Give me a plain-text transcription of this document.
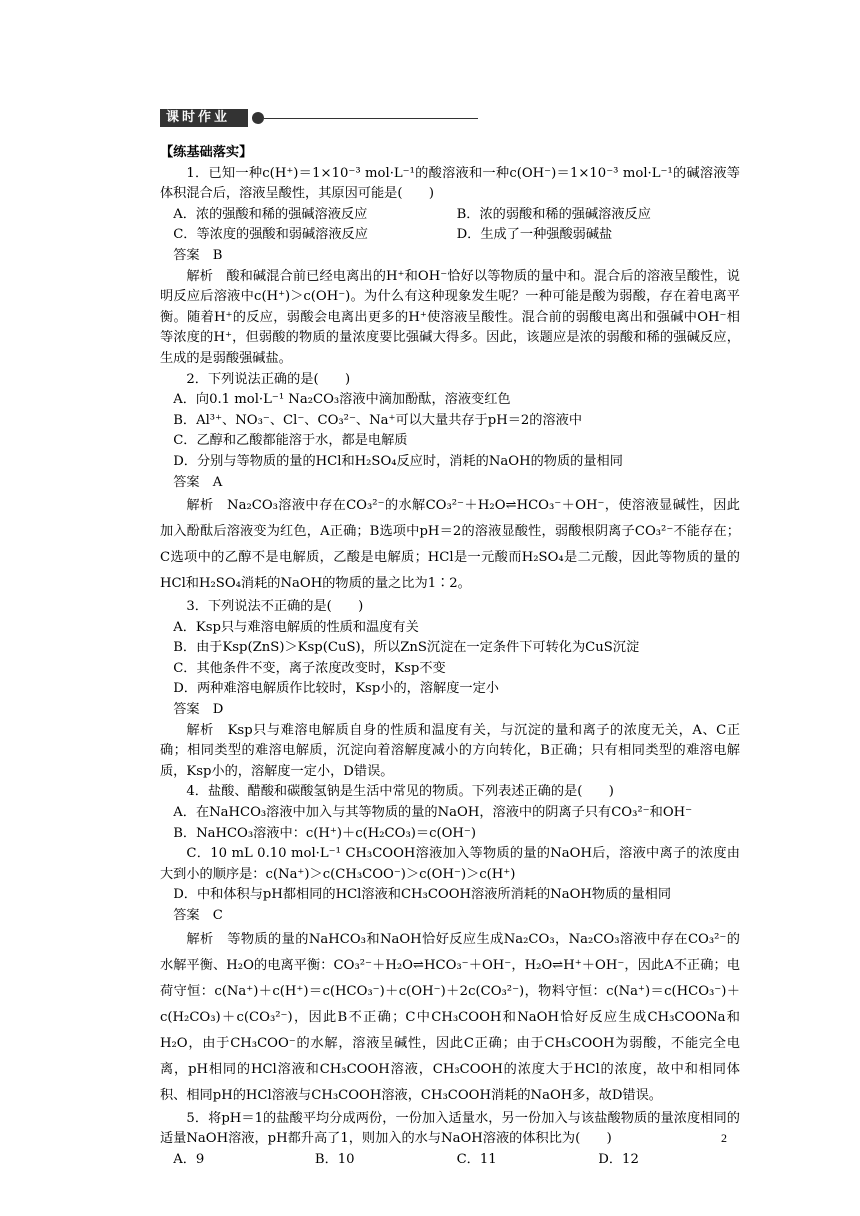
课时作业

【练基础落实】

1．已知一种c(H⁺)＝1×10⁻³ mol·L⁻¹的酸溶液和一种c(OH⁻)＝1×10⁻³ mol·L⁻¹的碱溶液等体积混合后，溶液呈酸性，其原因可能是(　　)

A．浓的强酸和稀的强碱溶液反应	B．浓的弱酸和稀的强碱溶液反应
C．等浓度的强酸和弱碱溶液反应	D．生成了一种强酸弱碱盐

答案　B

解析　酸和碱混合前已经电离出的H⁺和OH⁻恰好以等物质的量中和。混合后的溶液呈酸性，说明反应后溶液中c(H⁺)＞c(OH⁻)。为什么有这种现象发生呢？一种可能是酸为弱酸，存在着电离平衡。随着H⁺的反应，弱酸会电离出更多的H⁺使溶液呈酸性。混合前的弱酸电离出和强碱中OH⁻相等浓度的H⁺，但弱酸的物质的量浓度要比强碱大得多。因此，该题应是浓的弱酸和稀的强碱反应，生成的是弱酸强碱盐。

2．下列说法正确的是(　　)

A．向0.1 mol·L⁻¹ Na₂CO₃溶液中滴加酚酞，溶液变红色

B．Al³⁺、NO₃⁻、Cl⁻、CO₃²⁻、Na⁺可以大量共存于pH＝2的溶液中

C．乙醇和乙酸都能溶于水，都是电解质

D．分别与等物质的量的HCl和H₂SO₄反应时，消耗的NaOH的物质的量相同

答案　A

解析　Na₂CO₃溶液中存在CO₃²⁻的水解CO₃²⁻＋H₂O⇌HCO₃⁻＋OH⁻，使溶液显碱性，因此加入酚酞后溶液变为红色，A正确；B选项中pH＝2的溶液显酸性，弱酸根阴离子CO₃²⁻不能存在；C选项中的乙醇不是电解质，乙酸是电解质；HCl是一元酸而H₂SO₄是二元酸，因此等物质的量的HCl和H₂SO₄消耗的NaOH的物质的量之比为1∶2。

3．下列说法不正确的是(　　)

A．Ksp只与难溶电解质的性质和温度有关

B．由于Ksp(ZnS)＞Ksp(CuS)，所以ZnS沉淀在一定条件下可转化为CuS沉淀

C．其他条件不变，离子浓度改变时，Ksp不变

D．两种难溶电解质作比较时，Ksp小的，溶解度一定小

答案　D

解析　Ksp只与难溶电解质自身的性质和温度有关，与沉淀的量和离子的浓度无关，A、C正确；相同类型的难溶电解质，沉淀向着溶解度减小的方向转化，B正确；只有相同类型的难溶电解质，Ksp小的，溶解度一定小，D错误。

4．盐酸、醋酸和碳酸氢钠是生活中常见的物质。下列表述正确的是(　　)

A．在NaHCO₃溶液中加入与其等物质的量的NaOH，溶液中的阴离子只有CO₃²⁻和OH⁻

B．NaHCO₃溶液中：c(H⁺)＋c(H₂CO₃)＝c(OH⁻)

C．10 mL 0.10 mol·L⁻¹ CH₃COOH溶液加入等物质的量的NaOH后，溶液中离子的浓度由大到小的顺序是：c(Na⁺)＞c(CH₃COO⁻)＞c(OH⁻)＞c(H⁺)

D．中和体积与pH都相同的HCl溶液和CH₃COOH溶液所消耗的NaOH物质的量相同

答案　C

解析　等物质的量的NaHCO₃和NaOH恰好反应生成Na₂CO₃，Na₂CO₃溶液中存在CO₃²⁻的水解平衡、H₂O的电离平衡：CO₃²⁻＋H₂O⇌HCO₃⁻＋OH⁻，H₂O⇌H⁺＋OH⁻，因此A不正确；电荷守恒：c(Na⁺)＋c(H⁺)＝c(HCO₃⁻)＋c(OH⁻)＋2c(CO₃²⁻)，物料守恒：c(Na⁺)＝c(HCO₃⁻)＋c(H₂CO₃)＋c(CO₃²⁻)，因此B不正确；C中CH₃COOH和NaOH恰好反应生成CH₃COONa和H₂O，由于CH₃COO⁻的水解，溶液呈碱性，因此C正确；由于CH₃COOH为弱酸，不能完全电离，pH相同的HCl溶液和CH₃COOH溶液，CH₃COOH的浓度大于HCl的浓度，故中和相同体积、相同pH的HCl溶液与CH₃COOH溶液，CH₃COOH消耗的NaOH多，故D错误。

5．将pH＝1的盐酸平均分成两份，一份加入适量水，另一份加入与该盐酸物质的量浓度相同的适量NaOH溶液，pH都升高了1，则加入的水与NaOH溶液的体积比为(　　)

A．9	B．10	C．11	D．12
2
